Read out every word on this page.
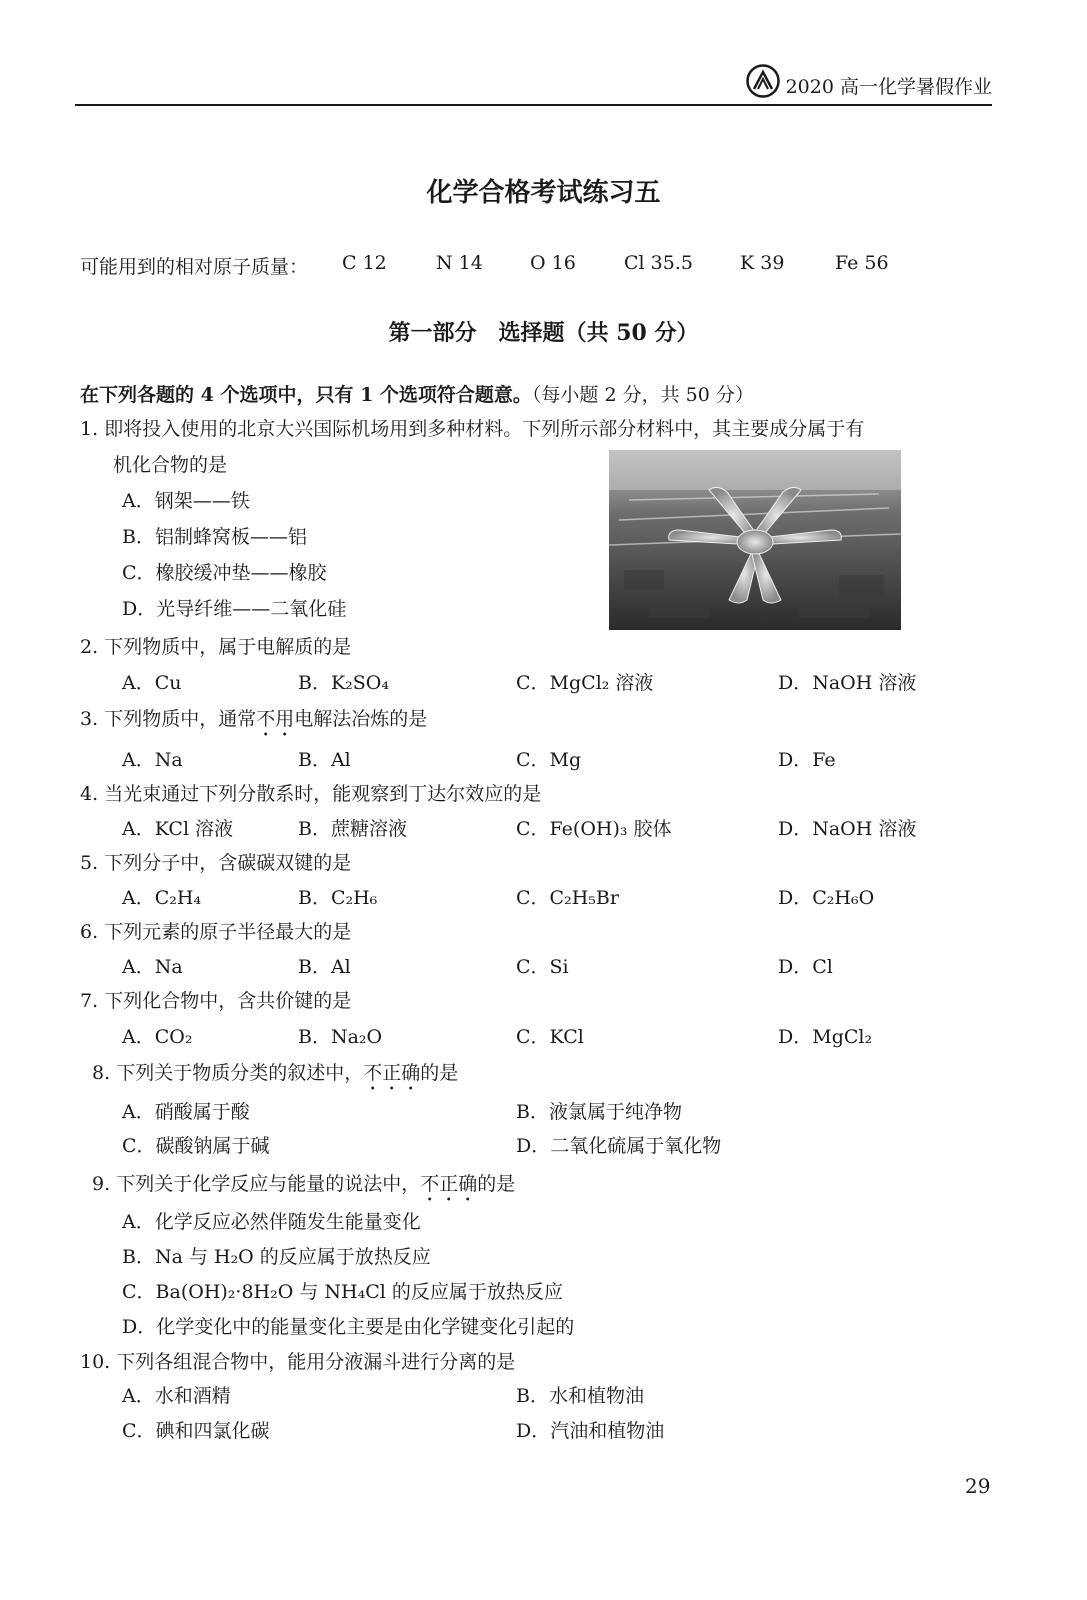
2020 高一化学暑假作业
化学合格考试练习五
可能用到的相对原子质量： C 12	N 14 O 16	Cl 35.5 K 39	Fe 56
第一部分　选择题（共 50 分）
在下列各题的 4 个选项中，只有 1 个选项符合题意。（每小题 2 分，共 50 分）
1. 即将投入使用的北京大兴国际机场用到多种材料。下列所示部分材料中，其主要成分属于有
机化合物的是
A．钢架——铁
B．铝制蜂窝板——铝
C．橡胶缓冲垫——橡胶
D．光导纤维——二氧化硅
2. 下列物质中，属于电解质的是
A．Cu	B．K₂SO₄	C．MgCl₂ 溶液	D．NaOH 溶液
3. 下列物质中，通常不用电解法冶炼的是
A．Na	B．Al	C．Mg	D．Fe
4. 当光束通过下列分散系时，能观察到丁达尔效应的是
A．KCl 溶液	B．蔗糖溶液	C．Fe(OH)₃ 胶体	D．NaOH 溶液
5. 下列分子中，含碳碳双键的是
A．C₂H₄	B．C₂H₆	C．C₂H₅Br	D．C₂H₆O
6. 下列元素的原子半径最大的是
A．Na	B．Al	C．Si	D．Cl
7. 下列化合物中，含共价键的是
A．CO₂	B．Na₂O	C．KCl	D．MgCl₂
8. 下列关于物质分类的叙述中，不正确的是
A．硝酸属于酸	B．液氯属于纯净物
C．碳酸钠属于碱	D．二氧化硫属于氧化物
9. 下列关于化学反应与能量的说法中，不正确的是
A．化学反应必然伴随发生能量变化
B．Na 与 H₂O 的反应属于放热反应
C．Ba(OH)₂·8H₂O 与 NH₄Cl 的反应属于放热反应
D．化学变化中的能量变化主要是由化学键变化引起的
10. 下列各组混合物中，能用分液漏斗进行分离的是
A．水和酒精	B．水和植物油
C．碘和四氯化碳	D．汽油和植物油
29
